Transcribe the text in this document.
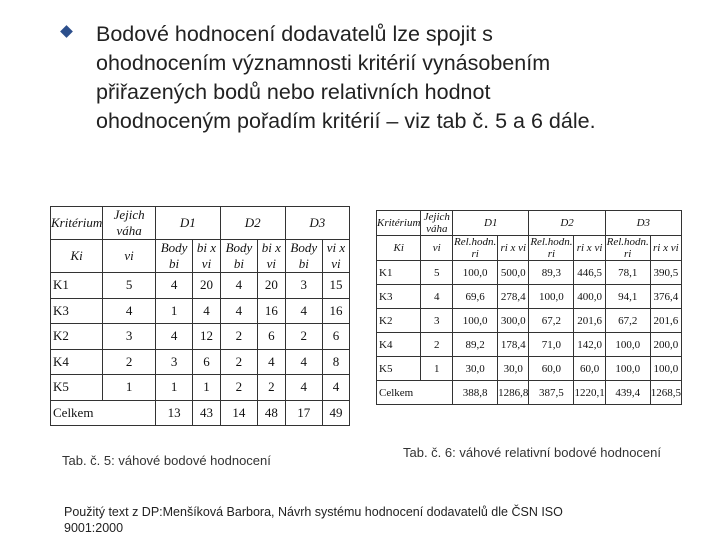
Bodové hodnocení dodavatelů lze spojit s
ohodnocením významnosti kritérií vynásobením
přiřazených bodů nebo relativních hodnot
ohodnoceným pořadím kritérií – viz tab č. 5 a 6 dále.
Kritérium	Jejich váha	D1		D2		D3	
Ki	vi	Body bi	bi x vi	Body bi	bi x vi	Body bi	vi x vi
K1	5	4	20	4	20	3	15
K3	4	1	4	4	16	4	16
K2	3	4	12	2	6	2	6
K4	2	3	6	2	4	4	8
K5	1	1	1	2	2	4	4
Celkem		13	43	14	48	17	49
Kritérium	Jejich váha	D1		D2		D3	
Ki	vi	Rel.hodn. ri	ri x vi	Rel.hodn. ri	ri x vi	Rel.hodn. ri	ri x vi
K1	5	100,0	500,0	89,3	446,5	78,1	390,5
K3	4	69,6	278,4	100,0	400,0	94,1	376,4
K2	3	100,0	300,0	67,2	201,6	67,2	201,6
K4	2	89,2	178,4	71,0	142,0	100,0	200,0
K5	1	30,0	30,0	60,0	60,0	100,0	100,0
Celkem		388,8	1286,8	387,5	1220,1	439,4	1268,5
Tab. č. 5: váhové bodové hodnocení
Tab. č. 6: váhové relativní bodové hodnocení
Použitý text z DP:Menšíková Barbora, Návrh systému hodnocení dodavatelů dle ČSN ISO 9001:2000
